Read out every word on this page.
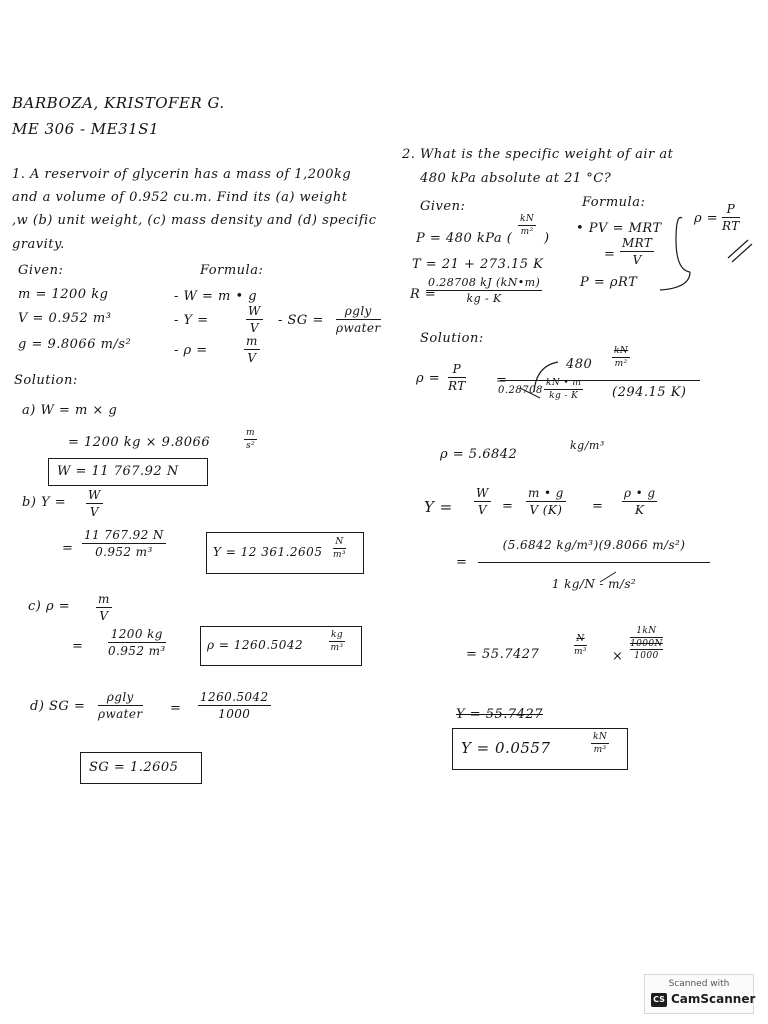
BARBOZA, KRISTOFER G.
ME 306 - ME31S1
1. A reservoir of glycerin has a mass of 1,200kg
and a volume of 0.952 cu.m. Find its (a) weight
,w (b) unit weight, (c) mass density and (d) specific
gravity.
Given:	Formula:
m = 1200 kg
V = 0.952 m³
g = 9.8066 m/s²
- W = m • g
- Υ =	$\frac{W}{V}$ - SG =
ρgly
ρwater
- ρ =	$\frac{m}{V}$
Solution:
a) W = m × g
= 1200 kg × 9.8066	$\frac{m}{\text{s²}}$
W = 11 767.92 N
b) $\Upsilon = \frac{W}{V}$
= $\frac{11 767.92 N}{\text{0.952 m³}}$	Υ = 12 $361.2605 \frac{N}{\text{m³}}$
c) $\rho = \frac{m}{V}$
= $\frac{1200 kg}{\text{0.952 m³}}$	ρ = 1260.5042	$\frac{kg}{\text{m³}}$
d) SG =
ρgly
ρwater = $\frac{1260.5042}{1000}$
SG = 1.2605
2. What is the specific weight of air at
480 kPa absolute at 21 °C?
Given:	Formula:
P = 480 kPa (
$\frac{kN}{\text{m²}}$
)
• PV = MRT
=
MRT
V
$\rho = \frac{P}{RT}$
T = 21 + 273.15 K
R =
$\frac{0.28708 kJ (kN•m)}{kg - K}$	P = ρRT
Solution:
$\rho = \frac{P}{RT}$ =
$480 \frac{kN}{\text{m²}}$
$0.28708 \frac{kN • m}{kg - K} (294.15$ K)
ρ = 5.6842
kg/m³
$\Upsilon = \frac{W}{V} = \frac{m • g}{V (K)} = \frac{\rho • g}{K}$
= $\frac{\text{(5.6842 kg/m³)(9.8066 m/s²)}}{\text{1 kg/N - m/s²}}$
= 55.7427	$\frac{N}{\text{m³}}$ ×
1kN
1000N
1000
Υ = 55.7427
Υ = 0.0557	$\frac{kN}{\text{m³}}$
Scanned with
CS CamScanner
